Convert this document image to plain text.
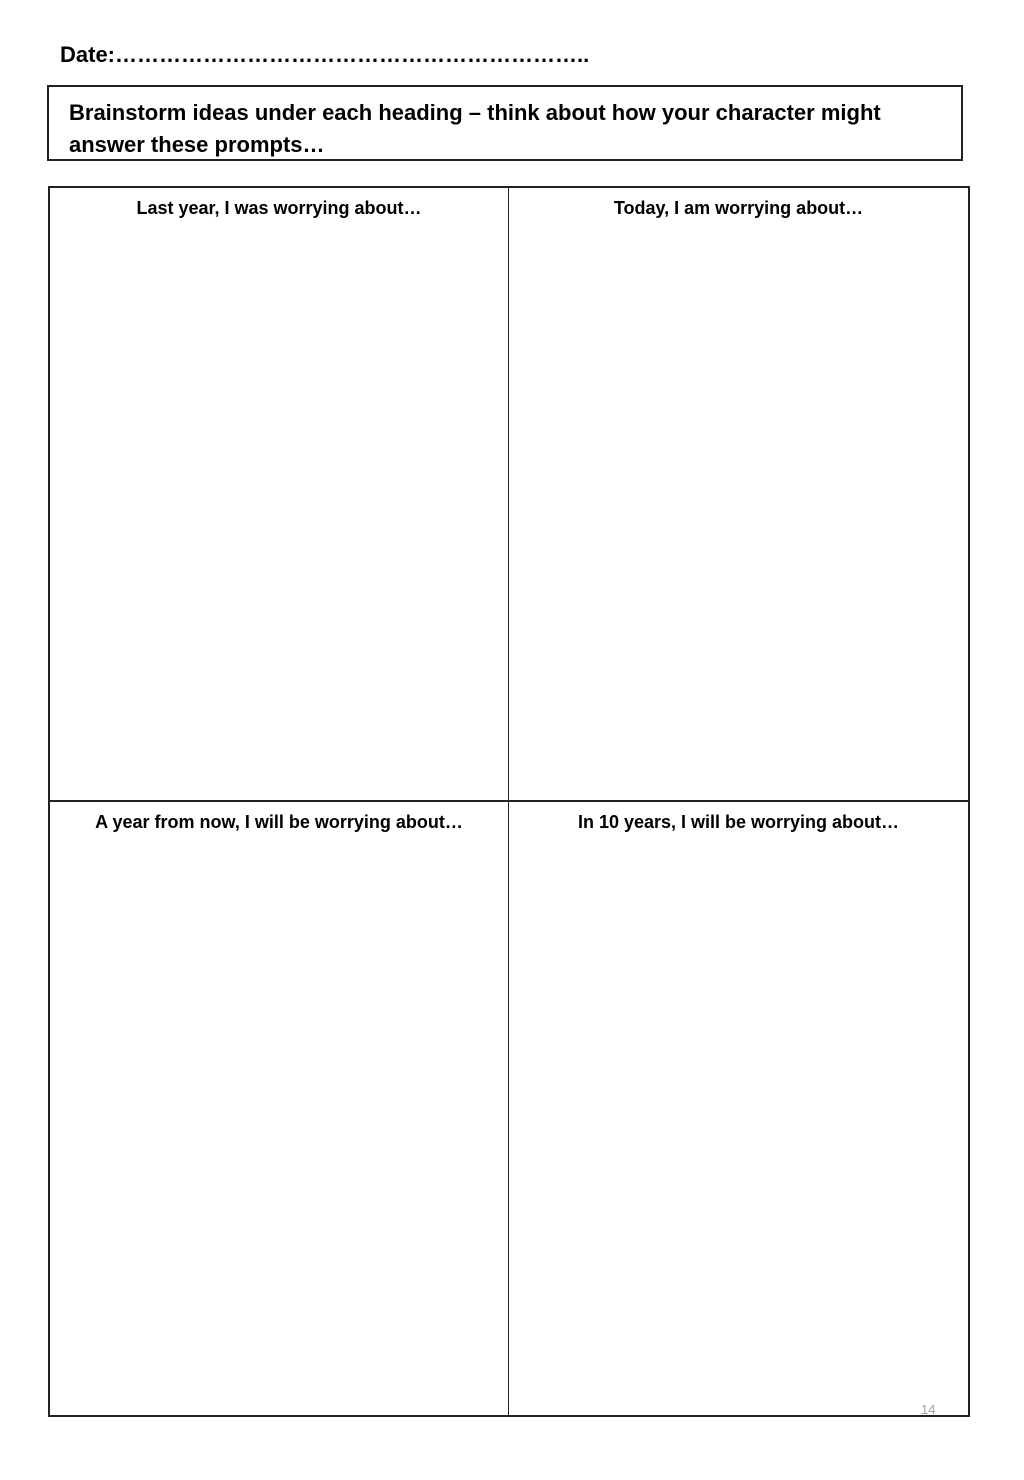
Date:………………………………………………………..
Brainstorm ideas under each heading – think about how your character might answer these prompts…
Last year, I was worrying about…	Today, I am worrying about…
A year from now, I will be worrying about…	In 10 years, I will be worrying about…
14
